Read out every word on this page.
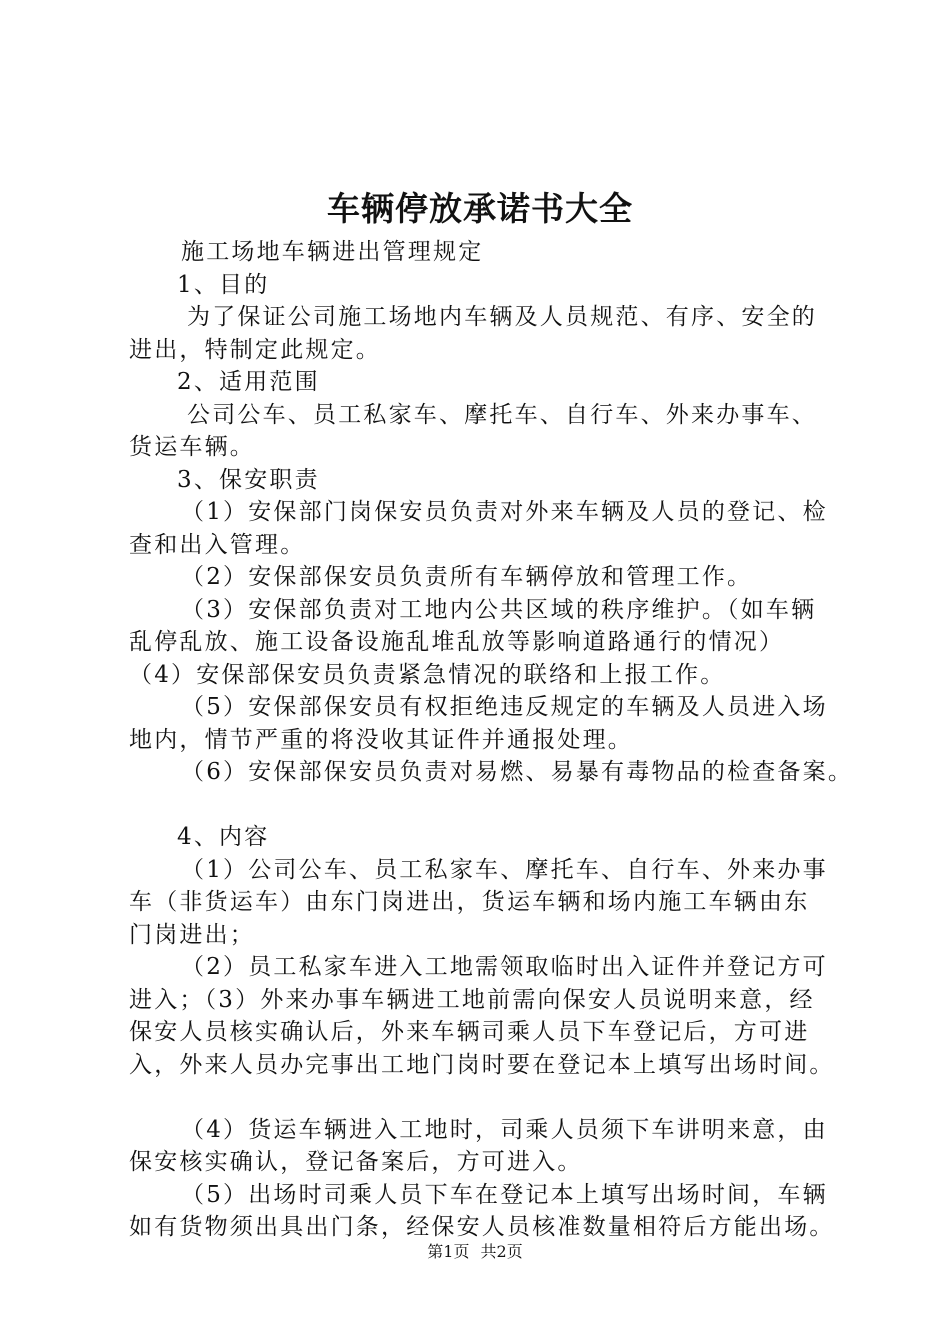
车辆停放承诺书大全
施工场地车辆进出管理规定
1、目的
为了保证公司施工场地内车辆及人员规范、有序、安全的
进出，特制定此规定。
2、适用范围
公司公车、员工私家车、摩托车、自行车、外来办事车、
货运车辆。
3、保安职责
（1）安保部门岗保安员负责对外来车辆及人员的登记、检
查和出入管理。
（2）安保部保安员负责所有车辆停放和管理工作。
（3）安保部负责对工地内公共区域的秩序维护。（如车辆
乱停乱放、施工设备设施乱堆乱放等影响道路通行的情况）
（4）安保部保安员负责紧急情况的联络和上报工作。
（5）安保部保安员有权拒绝违反规定的车辆及人员进入场
地内，情节严重的将没收其证件并通报处理。
（6）安保部保安员负责对易燃、易暴有毒物品的检查备案。
4、内容
（1）公司公车、员工私家车、摩托车、自行车、外来办事
车（非货运车）由东门岗进出，货运车辆和场内施工车辆由东
门岗进出；
（2）员工私家车进入工地需领取临时出入证件并登记方可
进入；（3）外来办事车辆进工地前需向保安人员说明来意，经
保安人员核实确认后，外来车辆司乘人员下车登记后，方可进
入，外来人员办完事出工地门岗时要在登记本上填写出场时间。
（4）货运车辆进入工地时，司乘人员须下车讲明来意，由
保安核实确认，登记备案后，方可进入。
（5）出场时司乘人员下车在登记本上填写出场时间，车辆
如有货物须出具出门条，经保安人员核准数量相符后方能出场。
第1页 共2页
